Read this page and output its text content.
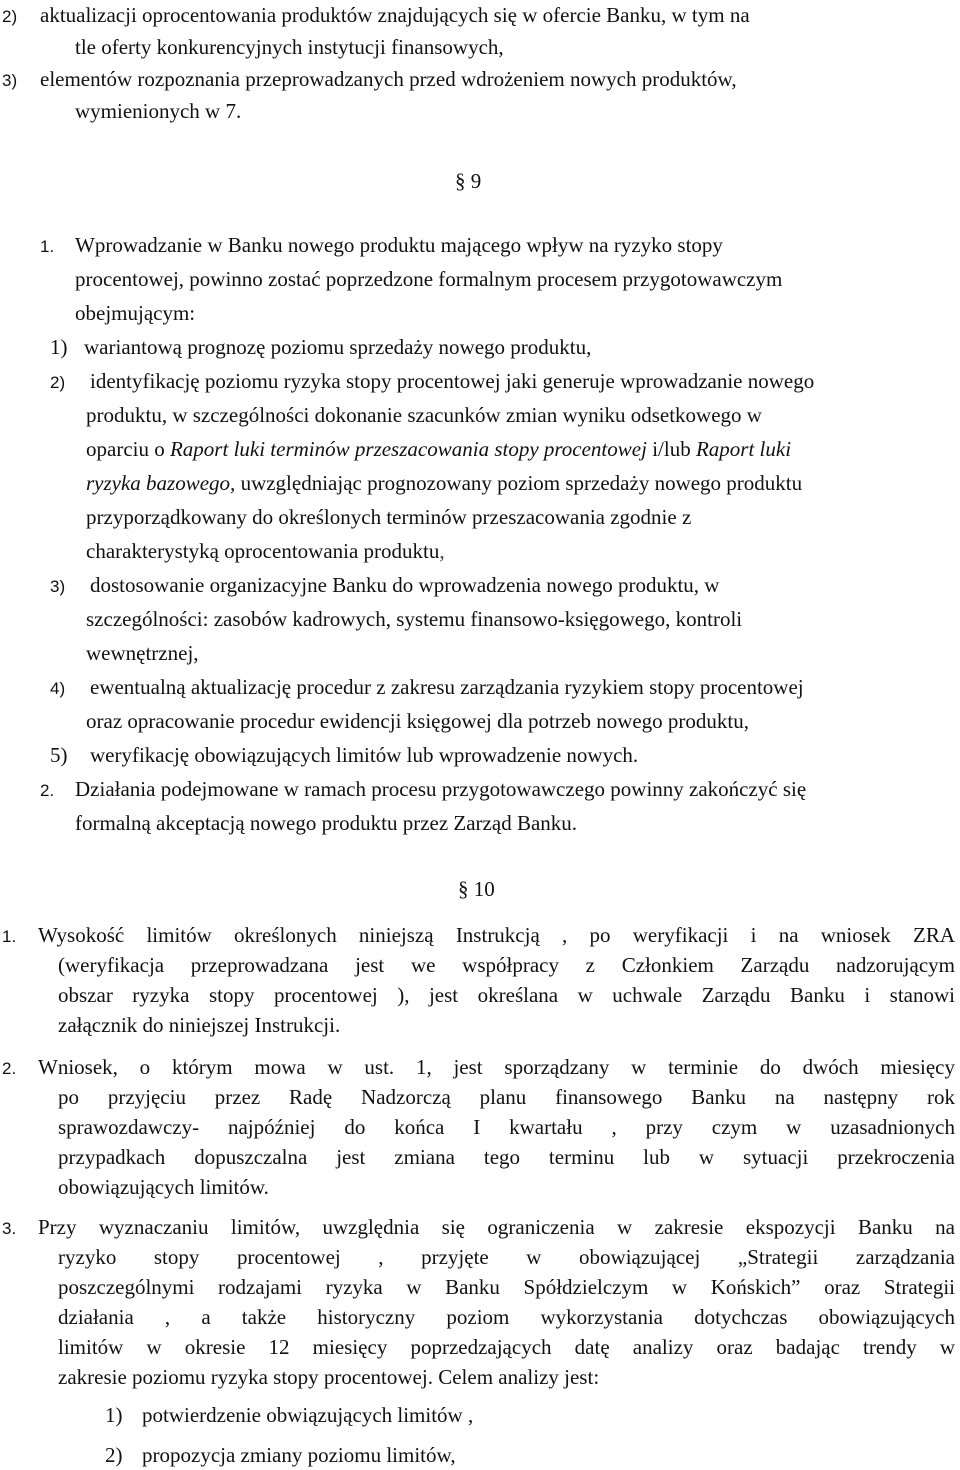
2) aktualizacji oprocentowania produktów znajdujących się w ofercie Banku, w tym na
tle oferty konkurencyjnych instytucji finansowych,
3) elementów rozpoznania przeprowadzanych przed wdrożeniem nowych produktów,
wymienionych w 7.
§ 9
1. Wprowadzanie w Banku nowego produktu mającego wpływ na ryzyko stopy
procentowej, powinno zostać poprzedzone formalnym procesem przygotowawczym
obejmującym:
1) wariantową prognozę poziomu sprzedaży nowego produktu,
2) identyfikację poziomu ryzyka stopy procentowej jaki generuje wprowadzanie nowego
produktu, w szczególności dokonanie szacunków zmian wyniku odsetkowego w
oparciu o Raport luki terminów przeszacowania stopy procentowej i/lub Raport luki
ryzyka bazowego, uwzględniając prognozowany poziom sprzedaży nowego produktu
przyporządkowany do określonych terminów przeszacowania zgodnie z
charakterystyką oprocentowania produktu,
3) dostosowanie organizacyjne Banku do wprowadzenia nowego produktu, w
szczególności: zasobów kadrowych, systemu finansowo-księgowego, kontroli
wewnętrznej,
4) ewentualną aktualizację procedur z zakresu zarządzania ryzykiem stopy procentowej
oraz opracowanie procedur ewidencji księgowej dla potrzeb nowego produktu,
5) weryfikację obowiązujących limitów lub wprowadzenie nowych.
2. Działania podejmowane w ramach procesu przygotowawczego powinny zakończyć się
formalną akceptacją nowego produktu przez Zarząd Banku.
§ 10
1. Wysokość limitów określonych niniejszą Instrukcją , po weryfikacji i na wniosek ZRA
(weryfikacja przeprowadzana jest we współpracy z Członkiem Zarządu nadzorującym
obszar ryzyka stopy procentowej ), jest określana w uchwale Zarządu Banku i stanowi
załącznik do niniejszej Instrukcji.
2. Wniosek, o którym mowa w ust. 1, jest sporządzany w terminie do dwóch miesięcy
po przyjęciu przez Radę Nadzorczą planu finansowego Banku na następny rok
sprawozdawczy- najpóźniej do końca I kwartału , przy czym w uzasadnionych
przypadkach dopuszczalna jest zmiana tego terminu lub w sytuacji przekroczenia
obowiązujących limitów.
3. Przy wyznaczaniu limitów, uwzględnia się ograniczenia w zakresie ekspozycji Banku na
ryzyko stopy procentowej , przyjęte w obowiązującej „Strategii zarządzania
poszczególnymi rodzajami ryzyka w Banku Spółdzielczym w Końskich” oraz Strategii
działania , a także historyczny poziom wykorzystania dotychczas obowiązujących
limitów w okresie 12 miesięcy poprzedzających datę analizy oraz badając trendy w
zakresie poziomu ryzyka stopy procentowej. Celem analizy jest:
1) potwierdzenie obwiązujących limitów ,
2) propozycja zmiany poziomu limitów,
